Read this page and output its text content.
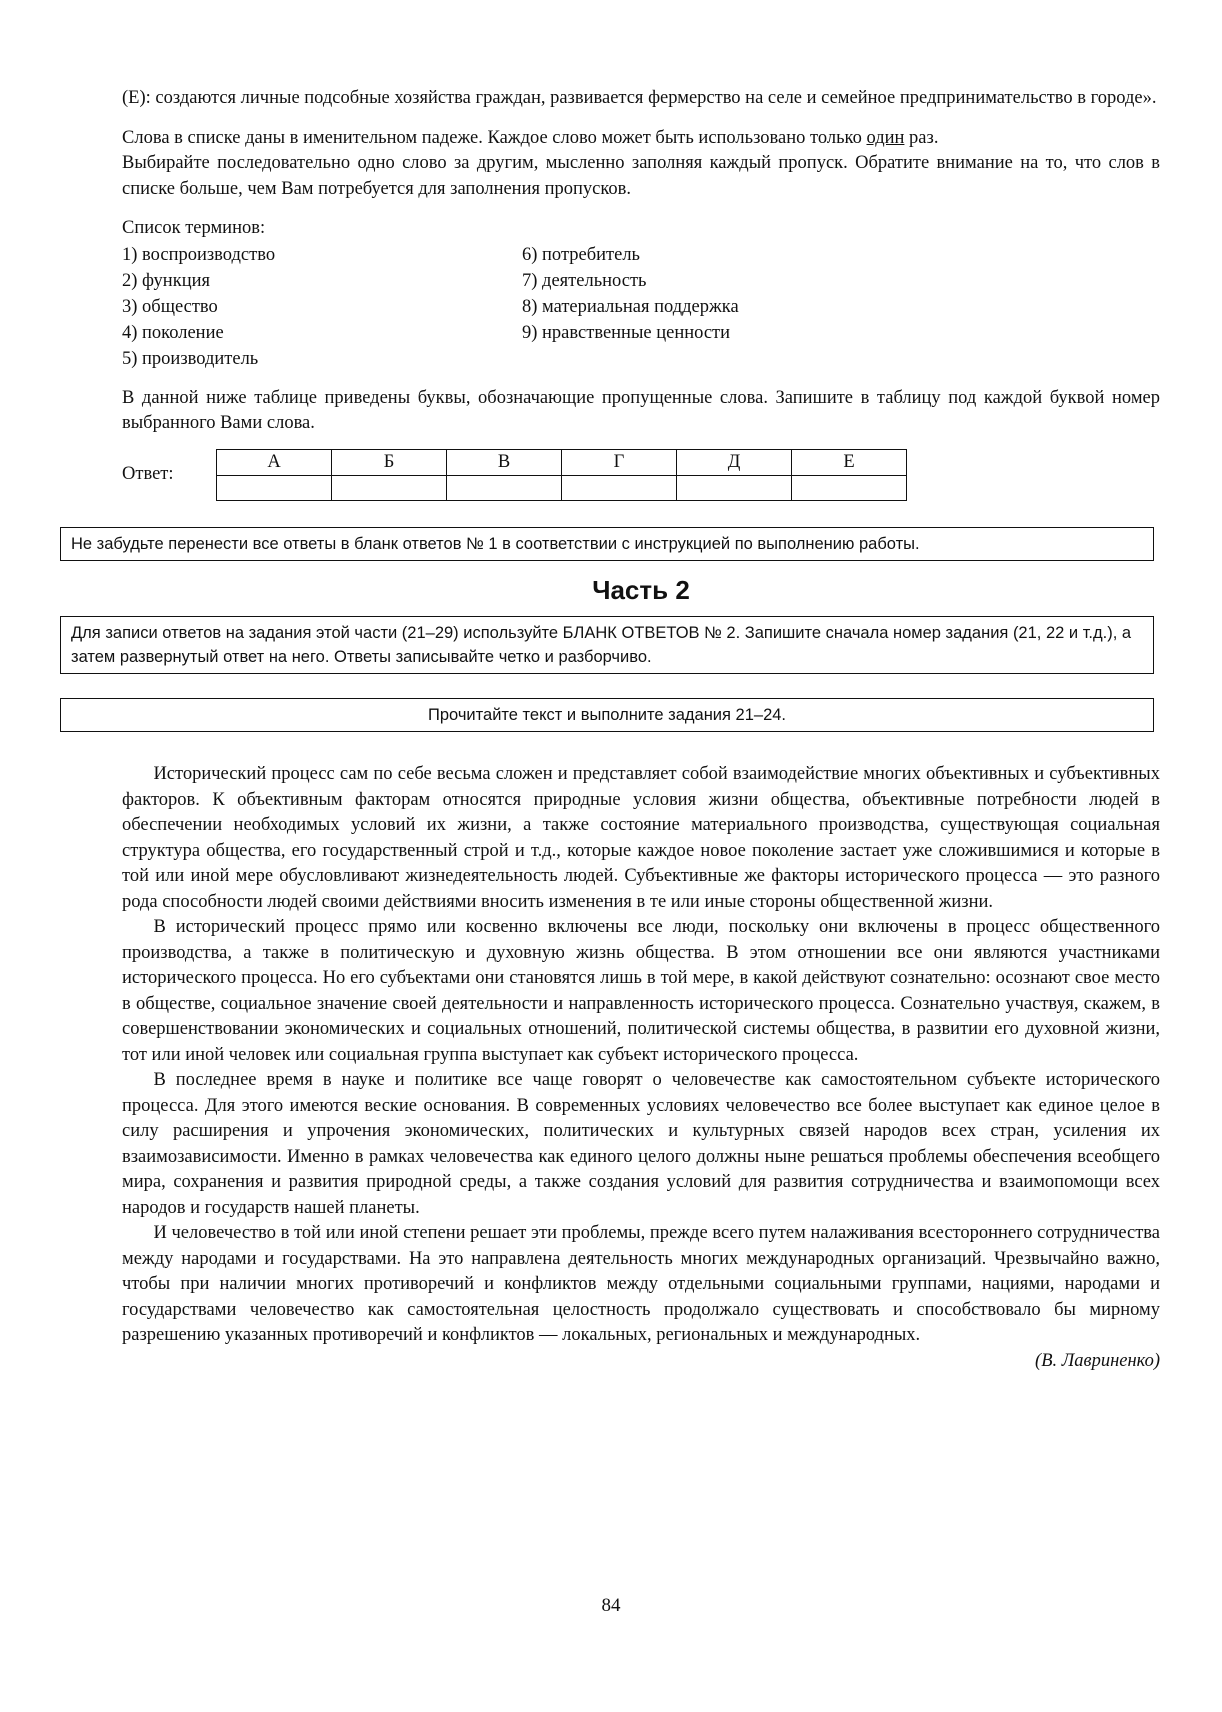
(Е): создаются личные подсобные хозяйства граждан, развивается фермерство на селе и семейное предпринимательство в городе».

Слова в списке даны в именительном падеже. Каждое слово может быть использовано только один раз.

Выбирайте последовательно одно слово за другим, мысленно заполняя каждый пропуск. Обратите внимание на то, что слов в списке больше, чем Вам потребуется для заполнения пропусков.

Список терминов:
1) воспроизводство	6) потребитель
2) функция	7) деятельность
3) общество	8) материальная поддержка
4) поколение	9) нравственные ценности
5) производитель

В данной ниже таблице приведены буквы, обозначающие пропущенные слова. Запишите в таблицу под каждой буквой номер выбранного Вами слова.

Ответ:
А	Б	В	Г	Д	Е

Не забудьте перенести все ответы в бланк ответов № 1 в соответствии с инструкцией по выполнению работы.
Часть 2
Для записи ответов на задания этой части (21–29) используйте БЛАНК ОТВЕТОВ № 2. Запишите сначала номер задания (21, 22 и т.д.), а затем развернутый ответ на него. Ответы записывайте четко и разборчиво.
Прочитайте текст и выполните задания 21–24.

Исторический процесс сам по себе весьма сложен и представляет собой взаимодействие многих объективных и субъективных факторов. К объективным факторам относятся природные условия жизни общества, объективные потребности людей в обеспечении необходимых условий их жизни, а также состояние материального производства, существующая социальная структура общества, его государственный строй и т.д., которые каждое новое поколение застает уже сложившимися и которые в той или иной мере обусловливают жизнедеятельность людей. Субъективные же факторы исторического процесса — это разного рода способности людей своими действиями вносить изменения в те или иные стороны общественной жизни.

В исторический процесс прямо или косвенно включены все люди, поскольку они включены в процесс общественного производства, а также в политическую и духовную жизнь общества. В этом отношении все они являются участниками исторического процесса. Но его субъектами они становятся лишь в той мере, в какой действуют сознательно: осознают свое место в обществе, социальное значение своей деятельности и направленность исторического процесса. Сознательно участвуя, скажем, в совершенствовании экономических и социальных отношений, политической системы общества, в развитии его духовной жизни, тот или иной человек или социальная группа выступает как субъект исторического процесса.

В последнее время в науке и политике все чаще говорят о человечестве как самостоятельном субъекте исторического процесса. Для этого имеются веские основания. В современных условиях человечество все более выступает как единое целое в силу расширения и упрочения экономических, политических и культурных связей народов всех стран, усиления их взаимозависимости. Именно в рамках человечества как единого целого должны ныне решаться проблемы обеспечения всеобщего мира, сохранения и развития природной среды, а также создания условий для развития сотрудничества и взаимопомощи всех народов и государств нашей планеты.

И человечество в той или иной степени решает эти проблемы, прежде всего путем налаживания всестороннего сотрудничества между народами и государствами. На это направлена деятельность многих международных организаций. Чрезвычайно важно, чтобы при наличии многих противоречий и конфликтов между отдельными социальными группами, нациями, народами и государствами человечество как самостоятельная целостность продолжало существовать и способствовало бы мирному разрешению указанных противоречий и конфликтов — локальных, региональных и международных.

(В. Лавриненко)
84
